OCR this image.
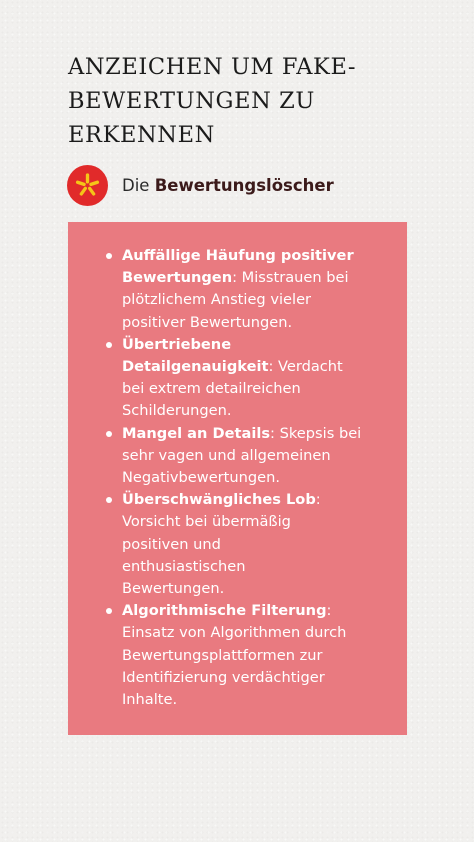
ANZEICHEN UM FAKE-
BEWERTUNGEN ZU
ERKENNEN
Die Bewertungslöscher
Auffällige Häufung positiver
Bewertungen: Misstrauen bei
plötzlichem Anstieg vieler
positiver Bewertungen.
Übertriebene
Detailgenauigkeit: Verdacht
bei extrem detailreichen
Schilderungen.
Mangel an Details: Skepsis bei
sehr vagen und allgemeinen
Negativbewertungen.
Überschwängliches Lob:
Vorsicht bei übermäßig
positiven und
enthusiastischen
Bewertungen.
Algorithmische Filterung:
Einsatz von Algorithmen durch
Bewertungsplattformen zur
Identifizierung verdächtiger
Inhalte.
